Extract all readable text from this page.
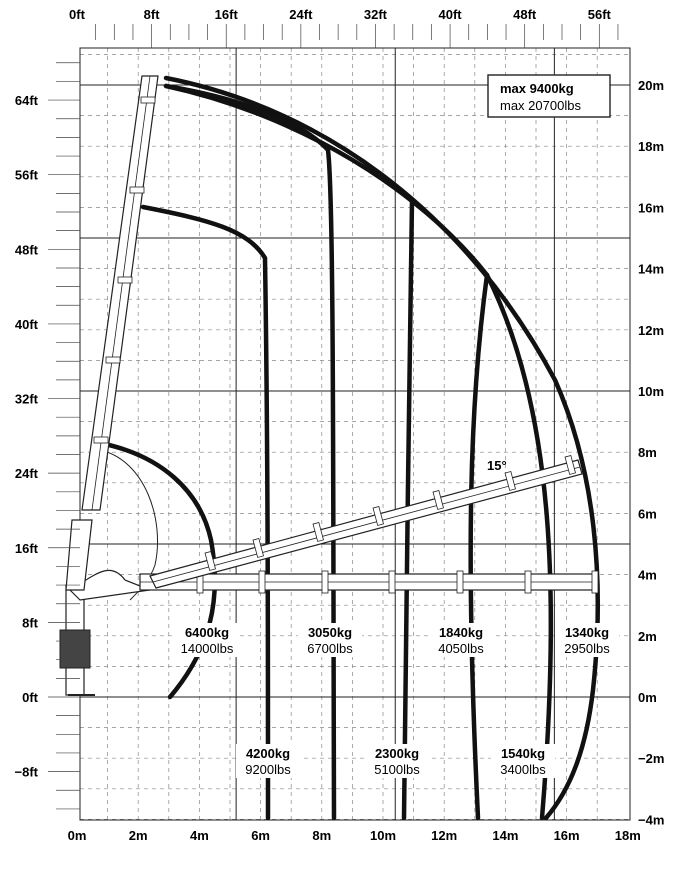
15°
max 9400kg
max 20700lbs
0ft	8ft	16ft	24ft	32ft	40ft	48ft	56ft
64ft
56ft
48ft
40ft
32ft
24ft
16ft
8ft
0ft
−8ft
20m
18m
16m
14m
12m
10m
8m
6m
4m
2m
0m
−2m
−4m
0m	2m	4m	6m	8m	10m	12m	14m	16m	18m
6400kg
14000lbs
4200kg
9200lbs
3050kg
6700lbs
2300kg
5100lbs
1840kg
4050lbs
1540kg
3400lbs
1340kg
2950lbs
